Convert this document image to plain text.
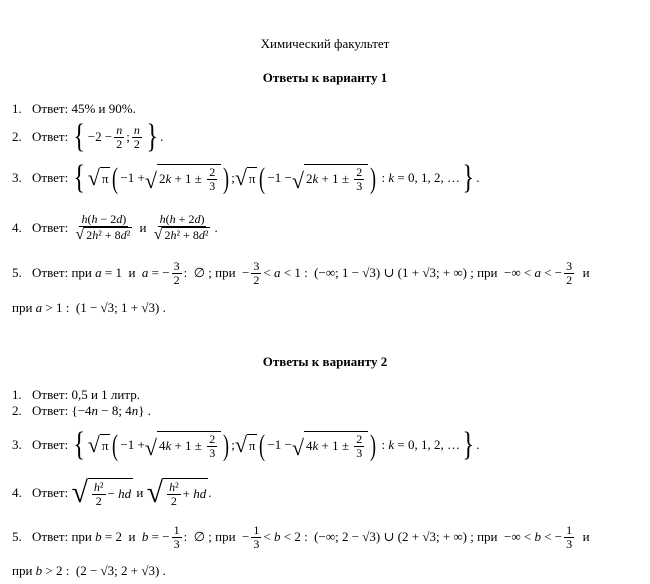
Химический факультет
Ответы к варианту 1
1. Ответ:
45% и 90%.
2. Ответ:
{ $-2 - \frac{n}{2}$ ; $\frac{n}{2}$ } .
3. Ответ:
{ √ π ( −1 + √ 2 $k + 1 \pm \frac{2}{3}$ ) ; √ π ( −1 − √ 2 $k + 1 \pm \frac{2}{3}$ ) : k = 0, 1, 2, … } .
4. Ответ:
$\frac{h(h - 2d)}{\text{√ 2 h ² + 8 d ²}}$
и
$\frac{h(h + 2d)}{\text{√ 2 h ² + 8 d ²}}$ .
5. Ответ: при a = 1  и a = − $\frac{3}{2}$ :  ∅ ; при  − $\frac{3}{2} < a < 1$ :  (−∞; 1 − √3) ∪ (1 + √3; + ∞) ; при  −∞ < a < − $\frac{3}{2}$ и
при a > 1 :  (1 − √3; 1 + √3) .
Ответы к варианту 2
1. Ответ:
0,5 и 1 литр.
2. Ответ: {−4 n − 8; 4 n } .
3. Ответ:
{ √ π ( −1 + √ 4 $k + 1 \pm \frac{2}{3}$ ) ; √ π ( −1 − √ 4 $k + 1 \pm \frac{2}{3}$ ) : k = 0, 1, 2, … } .
4. Ответ:
√ $\frac{\text{h²}}{2}$ − hd
и
√ $\frac{\text{h²}}{2}$ + hd .
5. Ответ: при b = 2  и b = − $\frac{1}{3}$ :  ∅ ; при  − $\frac{1}{3} < b < 2$ :  (−∞; 2 − √3) ∪ (2 + √3; + ∞) ; при  −∞ < b < − $\frac{1}{3}$ и
при b > 2 :  (2 − √3; 2 + √3) .
